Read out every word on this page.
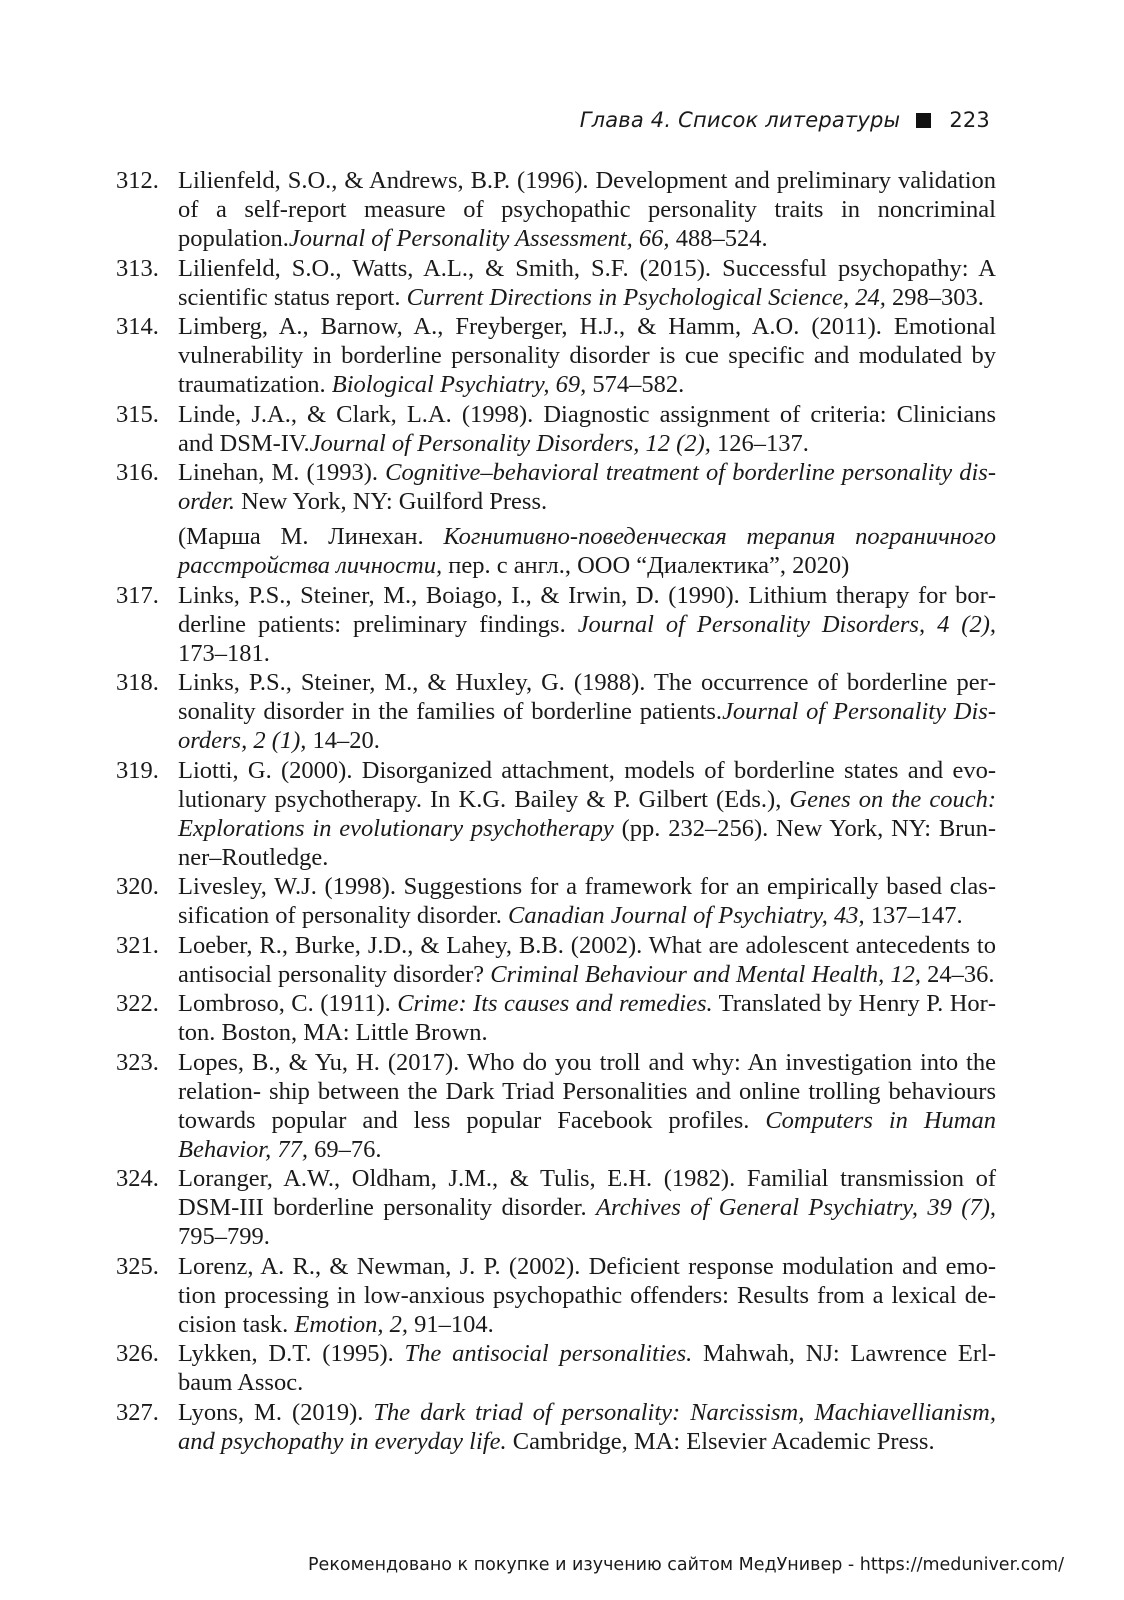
Глава 4. Список литературы 223
312. Lilienfeld, S.O., & Andrews, B.P. (1996). Development and preliminary validation of a self-report measure of psychopathic personality traits in noncriminal population.Journal of Personality Assessment, 66, 488–524.
313. Lilienfeld, S.O., Watts, A.L., & Smith, S.F. (2015). Successful psychopathy: A scientific status report. Current Directions in Psychological Science, 24, 298–303.
314. Limberg, A., Barnow, A., Freyberger, H.J., & Hamm, A.O. (2011). Emotional vulnerability in borderline personality disorder is cue specific and modulated by traumatization. Biological Psychiatry, 69, 574–582.
315. Linde, J.A., & Clark, L.A. (1998). Diagnostic assignment of criteria: Clinicians and DSM-IV.Journal of Personality Disorders, 12 (2), 126–137.
316. Linehan, M. (1993). Cognitive–behavioral treatment of borderline personality disorder. New York, NY: Guilford Press.
(Марша М. Линехан. Когнитивно-поведенческая терапия пограничного расстройства личности, пер. с англ., ООО “Диалектика”, 2020)
317. Links, P.S., Steiner, M., Boiago, I., & Irwin, D. (1990). Lithium therapy for borderline patients: preliminary findings. Journal of Personality Disorders, 4 (2), 173–181.
318. Links, P.S., Steiner, M., & Huxley, G. (1988). The occurrence of borderline personality disorder in the families of borderline patients.Journal of Personality Disorders, 2 (1), 14–20.
319. Liotti, G. (2000). Disorganized attachment, models of borderline states and evolutionary psychotherapy. In K.G. Bailey & P. Gilbert (Eds.), Genes on the couch: Explorations in evolutionary psychotherapy (pp. 232–256). New York, NY: Brunner–Routledge.
320. Livesley, W.J. (1998). Suggestions for a framework for an empirically based classification of personality disorder. Canadian Journal of Psychiatry, 43, 137–147.
321. Loeber, R., Burke, J.D., & Lahey, B.B. (2002). What are adolescent antecedents to antisocial personality disorder? Criminal Behaviour and Mental Health, 12, 24–36.
322. Lombroso, C. (1911). Crime: Its causes and remedies. Translated by Henry P. Horton. Boston, MA: Little Brown.
323. Lopes, B., & Yu, H. (2017). Who do you troll and why: An investigation into the relation- ship between the Dark Triad Personalities and online trolling behaviours towards popular and less popular Facebook profiles. Computers in Human Behavior, 77, 69–76.
324. Loranger, A.W., Oldham, J.M., & Tulis, E.H. (1982). Familial transmission of DSM-III borderline personality disorder. Archives of General Psychiatry, 39 (7), 795–799.
325. Lorenz, A. R., & Newman, J. P. (2002). Deficient response modulation and emotion processing in low-anxious psychopathic offenders: Results from a lexical decision task. Emotion, 2, 91–104.
326. Lykken, D.T. (1995). The antisocial personalities. Mahwah, NJ: Lawrence Erlbaum Assoc.
327. Lyons, M. (2019). The dark triad of personality: Narcissism, Machiavellianism, and psychopathy in everyday life. Cambridge, MA: Elsevier Academic Press.
Рекомендовано к покупке и изучению сайтом МедУнивер - https://meduniver.com/
